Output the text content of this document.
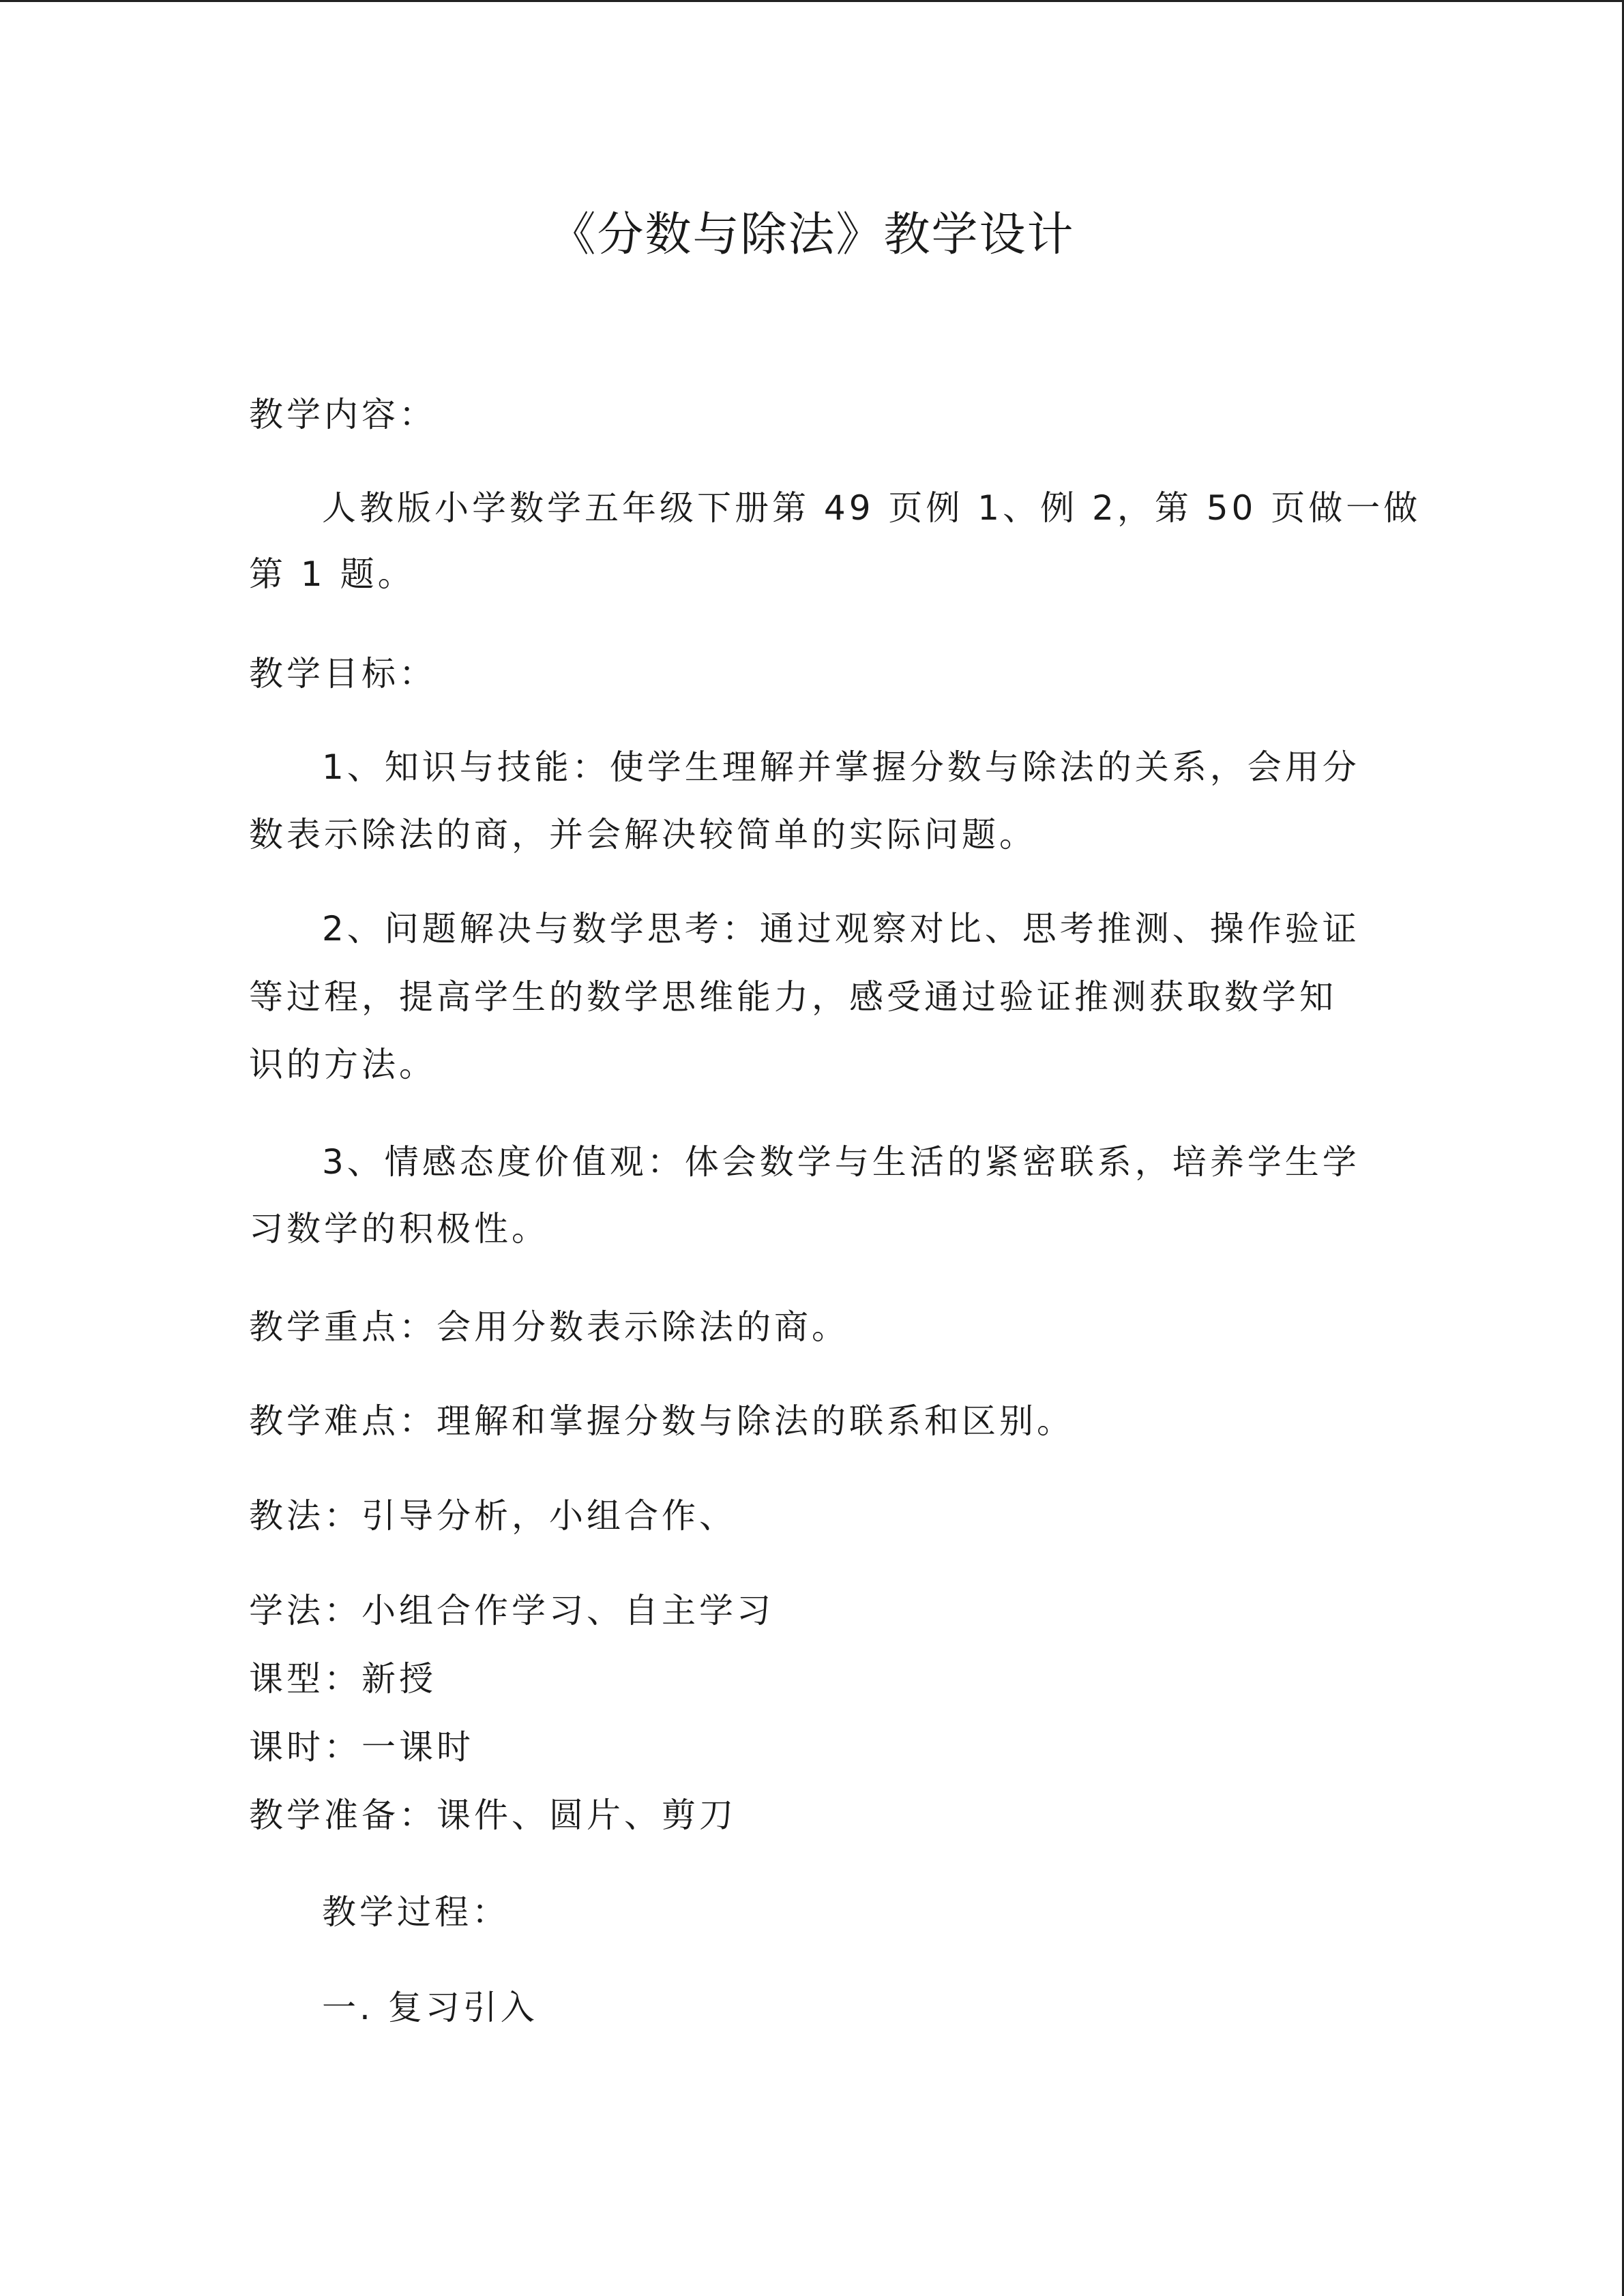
《分数与除法》教学设计
教学内容：
人教版小学数学五年级下册第 49 页例 1、例 2，第 50 页做一做
第 1 题。
教学目标：
1、知识与技能：使学生理解并掌握分数与除法的关系，会用分
数表示除法的商，并会解决较简单的实际问题。
2、问题解决与数学思考：通过观察对比、思考推测、操作验证
等过程，提高学生的数学思维能力，感受通过验证推测获取数学知
识的方法。
3、情感态度价值观：体会数学与生活的紧密联系，培养学生学
习数学的积极性。
教学重点：会用分数表示除法的商。
教学难点：理解和掌握分数与除法的联系和区别。
教法：引导分析，小组合作、
学法：小组合作学习、自主学习
课型：新授
课时：一课时
教学准备：课件、圆片、剪刀
教学过程：
一. 复习引入
